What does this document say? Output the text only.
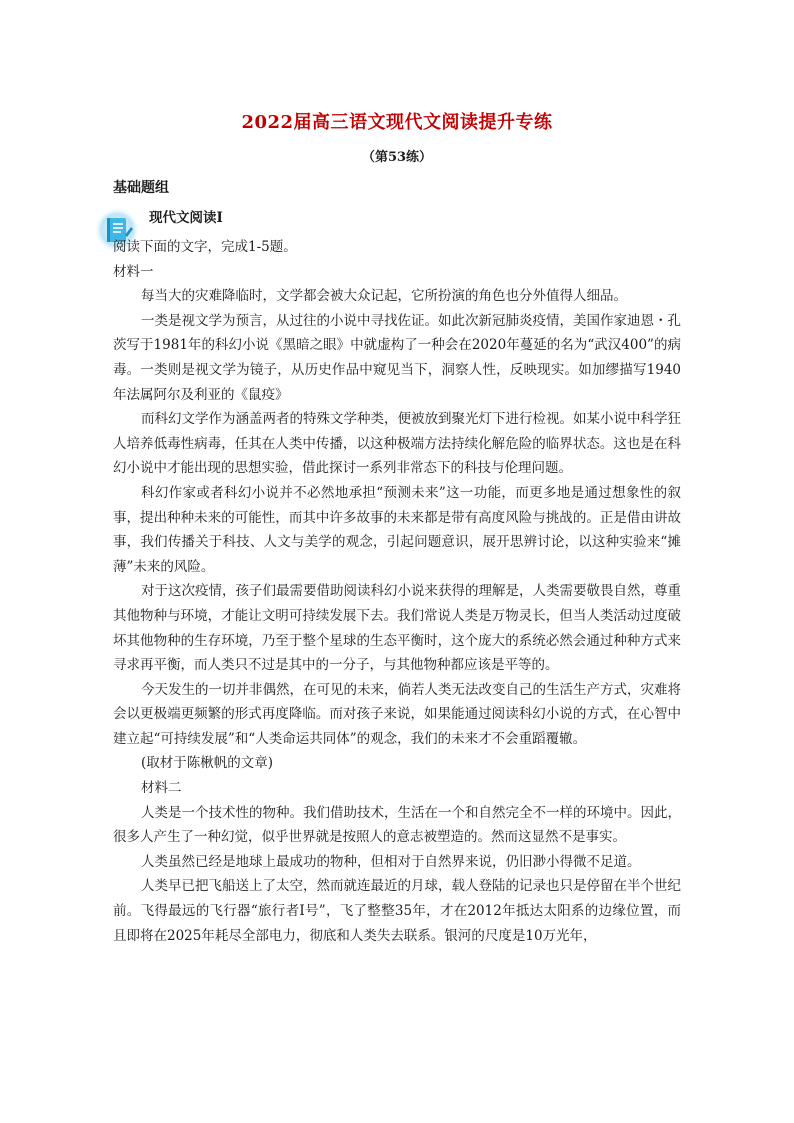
2022届高三语文现代文阅读提升专练
（第53练）
基础题组
现代文阅读Ⅰ

阅读下面的文字，完成1-5题。

材料一

每当大的灾难降临时，文学都会被大众记起，它所扮演的角色也分外值得人细品。

一类是视文学为预言，从过往的小说中寻找佐证。如此次新冠肺炎疫情，美国作家迪恩・孔茨写于1981年的科幻小说《黑暗之眼》中就虚构了一种会在2020年蔓延的名为“武汉400”的病毒。一类则是视文学为镜子，从历史作品中窥见当下，洞察人性，反映现实。如加缪描写1940年法属阿尔及利亚的《鼠疫》

而科幻文学作为涵盖两者的特殊文学种类，便被放到聚光灯下进行检视。如某小说中科学狂人培养低毒性病毒，任其在人类中传播，以这种极端方法持续化解危险的临界状态。这也是在科幻小说中才能出现的思想实验，借此探讨一系列非常态下的科技与伦理问题。

科幻作家或者科幻小说并不必然地承担“预测未来”这一功能，而更多地是通过想象性的叙事，提出种种未来的可能性，而其中许多故事的未来都是带有高度风险与挑战的。正是借由讲故事，我们传播关于科技、人文与美学的观念，引起问题意识，展开思辨讨论，以这种实验来“摊薄”未来的风险。

对于这次疫情，孩子们最需要借助阅读科幻小说来获得的理解是，人类需要敬畏自然，尊重其他物种与环境，才能让文明可持续发展下去。我们常说人类是万物灵长，但当人类活动过度破坏其他物种的生存环境，乃至于整个星球的生态平衡时，这个庞大的系统必然会通过种种方式来寻求再平衡，而人类只不过是其中的一分子，与其他物种都应该是平等的。

今天发生的一切并非偶然，在可见的未来，倘若人类无法改变自己的生活生产方式，灾难将会以更极端更频繁的形式再度降临。而对孩子来说，如果能通过阅读科幻小说的方式，在心智中建立起“可持续发展”和“人类命运共同体”的观念，我们的未来才不会重蹈覆辙。

(取材于陈楸帆的文章)

材料二

人类是一个技术性的物种。我们借助技术，生活在一个和自然完全不一样的环境中。因此，很多人产生了一种幻觉，似乎世界就是按照人的意志被塑造的。然而这显然不是事实。

人类虽然已经是地球上最成功的物种，但相对于自然界来说，仍旧渺小得微不足道。

人类早已把飞船送上了太空，然而就连最近的月球，载人登陆的记录也只是停留在半个世纪前。飞得最远的飞行器“旅行者Ⅰ号”，飞了整整35年，才在2012年抵达太阳系的边缘位置，而且即将在2025年耗尽全部电力，彻底和人类失去联系。银河的尺度是10万光年，
